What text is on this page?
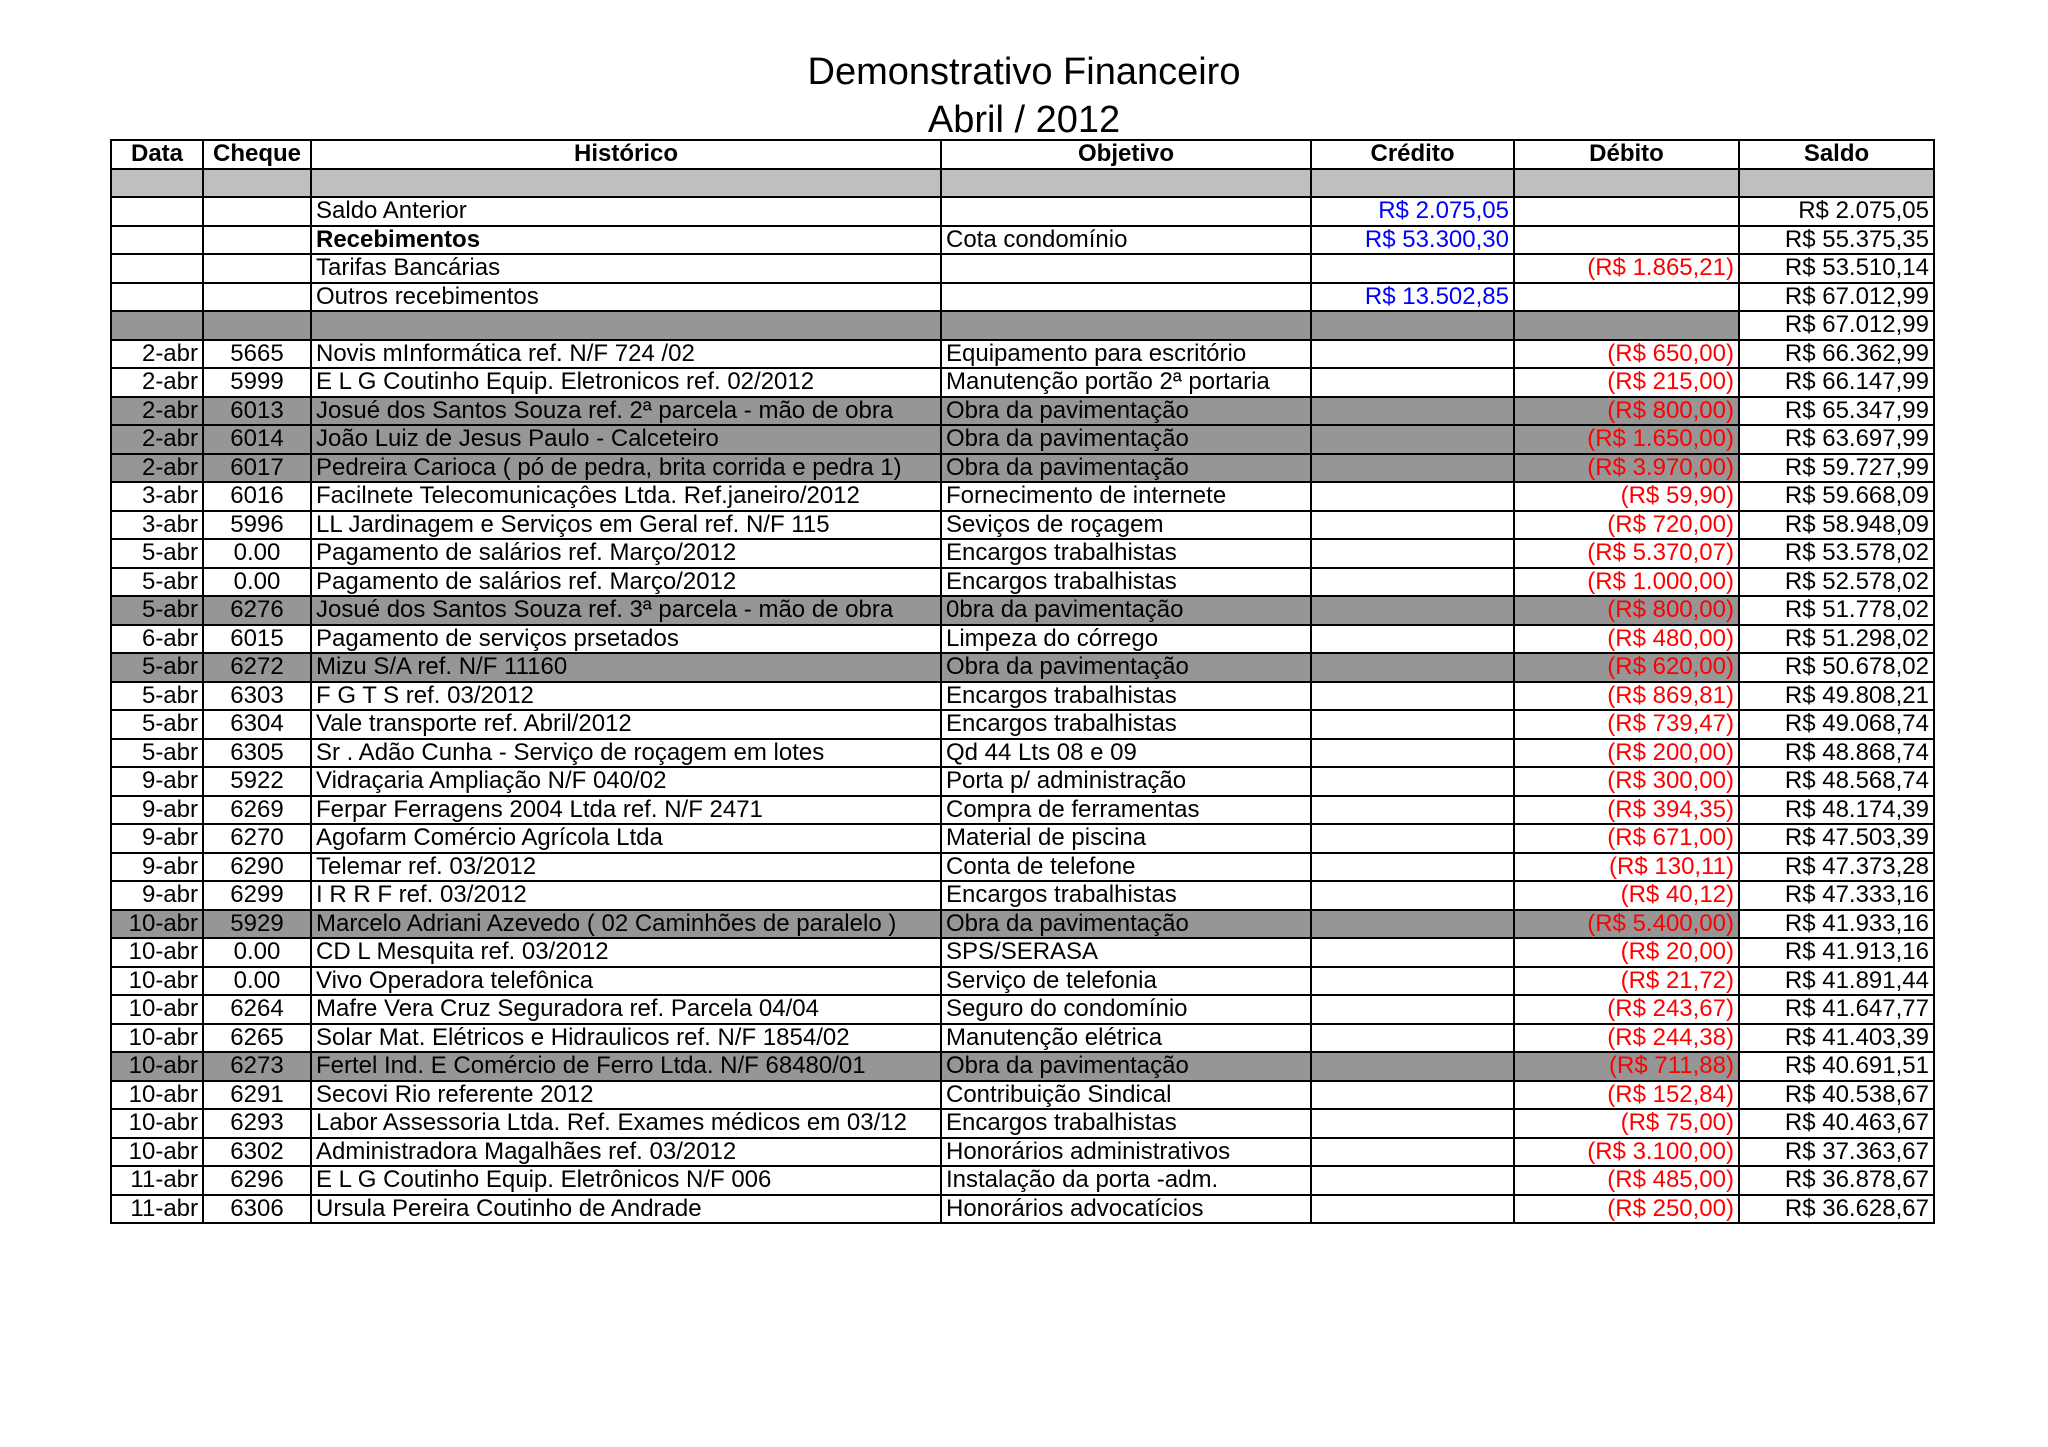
Demonstrativo Financeiro
Abril / 2012
Data	Cheque	Histórico	Objetivo	Crédito	Débito	Saldo

		Saldo Anterior		R$ 2.075,05		R$ 2.075,05
		Recebimentos	Cota condomínio	R$ 53.300,30		R$ 55.375,35
		Tarifas Bancárias			(R$ 1.865,21)	R$ 53.510,14
		Outros recebimentos		R$ 13.502,85		R$ 67.012,99
						R$ 67.012,99
2-abr	5665	Novis mInformática ref. N/F 724 /02	Equipamento para escritório		(R$ 650,00)	R$ 66.362,99
2-abr	5999	E L G Coutinho Equip. Eletronicos ref. 02/2012	Manutenção portão 2ª portaria		(R$ 215,00)	R$ 66.147,99
2-abr	6013	Josué dos Santos Souza ref. 2ª parcela - mão de obra	Obra da pavimentação		(R$ 800,00)	R$ 65.347,99
2-abr	6014	João Luiz de Jesus Paulo - Calceteiro	Obra da pavimentação		(R$ 1.650,00)	R$ 63.697,99
2-abr	6017	Pedreira Carioca ( pó de pedra, brita corrida e pedra 1)	Obra da pavimentação		(R$ 3.970,00)	R$ 59.727,99
3-abr	6016	Facilnete Telecomunicaçôes Ltda. Ref.janeiro/2012	Fornecimento de internete		(R$ 59,90)	R$ 59.668,09
3-abr	5996	LL Jardinagem e Serviços em Geral ref. N/F 115	Seviços de roçagem		(R$ 720,00)	R$ 58.948,09
5-abr	0.00	Pagamento de salários ref. Março/2012	Encargos trabalhistas		(R$ 5.370,07)	R$ 53.578,02
5-abr	0.00	Pagamento de salários ref. Março/2012	Encargos trabalhistas		(R$ 1.000,00)	R$ 52.578,02
5-abr	6276	Josué dos Santos Souza ref. 3ª parcela - mão de obra	0bra da pavimentação		(R$ 800,00)	R$ 51.778,02
6-abr	6015	Pagamento de serviços prsetados	Limpeza do córrego		(R$ 480,00)	R$ 51.298,02
5-abr	6272	Mizu S/A ref. N/F 11160	Obra da pavimentação		(R$ 620,00)	R$ 50.678,02
5-abr	6303	F G T S ref. 03/2012	Encargos trabalhistas		(R$ 869,81)	R$ 49.808,21
5-abr	6304	Vale transporte ref. Abril/2012	Encargos trabalhistas		(R$ 739,47)	R$ 49.068,74
5-abr	6305	Sr . Adão Cunha - Serviço de roçagem em lotes	Qd 44 Lts 08 e 09		(R$ 200,00)	R$ 48.868,74
9-abr	5922	Vidraçaria Ampliação N/F 040/02	Porta p/ administração		(R$ 300,00)	R$ 48.568,74
9-abr	6269	Ferpar Ferragens 2004 Ltda ref. N/F 2471	Compra de ferramentas		(R$ 394,35)	R$ 48.174,39
9-abr	6270	Agofarm Comércio Agrícola Ltda	Material de piscina		(R$ 671,00)	R$ 47.503,39
9-abr	6290	Telemar ref. 03/2012	Conta de telefone		(R$ 130,11)	R$ 47.373,28
9-abr	6299	I R R F ref. 03/2012	Encargos trabalhistas		(R$ 40,12)	R$ 47.333,16
10-abr	5929	Marcelo Adriani Azevedo ( 02 Caminhões de paralelo )	Obra da pavimentação		(R$ 5.400,00)	R$ 41.933,16
10-abr	0.00	CD L Mesquita ref. 03/2012	SPS/SERASA		(R$ 20,00)	R$ 41.913,16
10-abr	0.00	Vivo Operadora telefônica	Serviço de telefonia		(R$ 21,72)	R$ 41.891,44
10-abr	6264	Mafre Vera Cruz Seguradora ref. Parcela 04/04	Seguro do condomínio		(R$ 243,67)	R$ 41.647,77
10-abr	6265	Solar Mat. Elétricos e Hidraulicos ref. N/F 1854/02	Manutenção elétrica		(R$ 244,38)	R$ 41.403,39
10-abr	6273	Fertel Ind. E Comércio de Ferro Ltda. N/F 68480/01	Obra da pavimentação		(R$ 711,88)	R$ 40.691,51
10-abr	6291	Secovi Rio referente 2012	Contribuição Sindical		(R$ 152,84)	R$ 40.538,67
10-abr	6293	Labor Assessoria Ltda. Ref. Exames médicos em 03/12	Encargos trabalhistas		(R$ 75,00)	R$ 40.463,67
10-abr	6302	Administradora Magalhães ref. 03/2012	Honorários administrativos		(R$ 3.100,00)	R$ 37.363,67
11-abr	6296	E L G Coutinho Equip. Eletrônicos N/F 006	Instalação da porta -adm.		(R$ 485,00)	R$ 36.878,67
11-abr	6306	Ursula Pereira Coutinho de Andrade	Honorários advocatícios		(R$ 250,00)	R$ 36.628,67
